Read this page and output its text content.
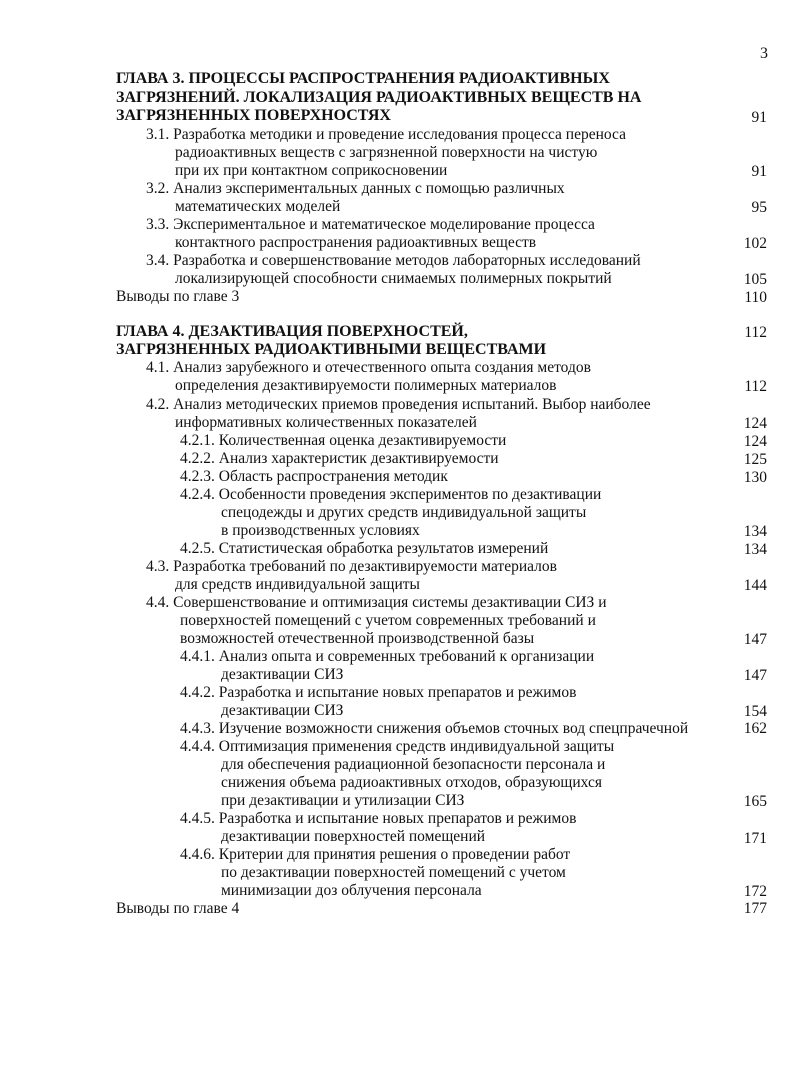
3
ГЛАВА 3. ПРОЦЕССЫ РАСПРОСТРАНЕНИЯ РАДИОАКТИВНЫХ
ЗАГРЯЗНЕНИЙ. ЛОКАЛИЗАЦИЯ РАДИОАКТИВНЫХ ВЕЩЕСТВ НА
ЗАГРЯЗНЕННЫХ ПОВЕРХНОСТЯХ	91
3.1. Разработка методики и проведение исследования процесса переноса
радиоактивных веществ с загрязненной поверхности на чистую
при их при контактном соприкосновении	91
3.2. Анализ экспериментальных данных с помощью различных
математических моделей	95
3.3. Экспериментальное и математическое моделирование процесса
контактного распространения радиоактивных веществ	102
3.4. Разработка и совершенствование методов лабораторных исследований
локализирующей способности снимаемых полимерных покрытий	105
Выводы по главе 3	110
ГЛАВА 4. ДЕЗАКТИВАЦИЯ ПОВЕРХНОСТЕЙ,	112
ЗАГРЯЗНЕННЫХ РАДИОАКТИВНЫМИ ВЕЩЕСТВАМИ
4.1. Анализ зарубежного и отечественного опыта создания методов
определения дезактивируемости полимерных материалов	112
4.2. Анализ методических приемов проведения испытаний. Выбор наиболее
информативных количественных показателей	124
4.2.1. Количественная оценка дезактивируемости	124
4.2.2. Анализ характеристик дезактивируемости	125
4.2.3. Область распространения методик	130
4.2.4. Особенности проведения экспериментов по дезактивации
спецодежды и других средств индивидуальной защиты
в производственных условиях	134
4.2.5. Статистическая обработка результатов измерений	134
4.3. Разработка требований по дезактивируемости материалов
для средств индивидуальной защиты	144
4.4. Совершенствование и оптимизация системы дезактивации СИЗ и
поверхностей помещений с учетом современных требований и
возможностей отечественной производственной базы	147
4.4.1. Анализ опыта и современных требований к организации
дезактивации СИЗ	147
4.4.2. Разработка и испытание новых препаратов и режимов
дезактивации СИЗ	154
4.4.3. Изучение возможности снижения объемов сточных вод спецпрачечной	162
4.4.4. Оптимизация применения средств индивидуальной защиты
для обеспечения радиационной безопасности персонала и
снижения объема радиоактивных отходов, образующихся
при дезактивации и утилизации СИЗ	165
4.4.5. Разработка и испытание новых препаратов и режимов
дезактивации поверхностей помещений	171
4.4.6. Критерии для принятия решения о проведении работ
по дезактивации поверхностей помещений с учетом
минимизации доз облучения персонала	172
Выводы по главе 4	177
